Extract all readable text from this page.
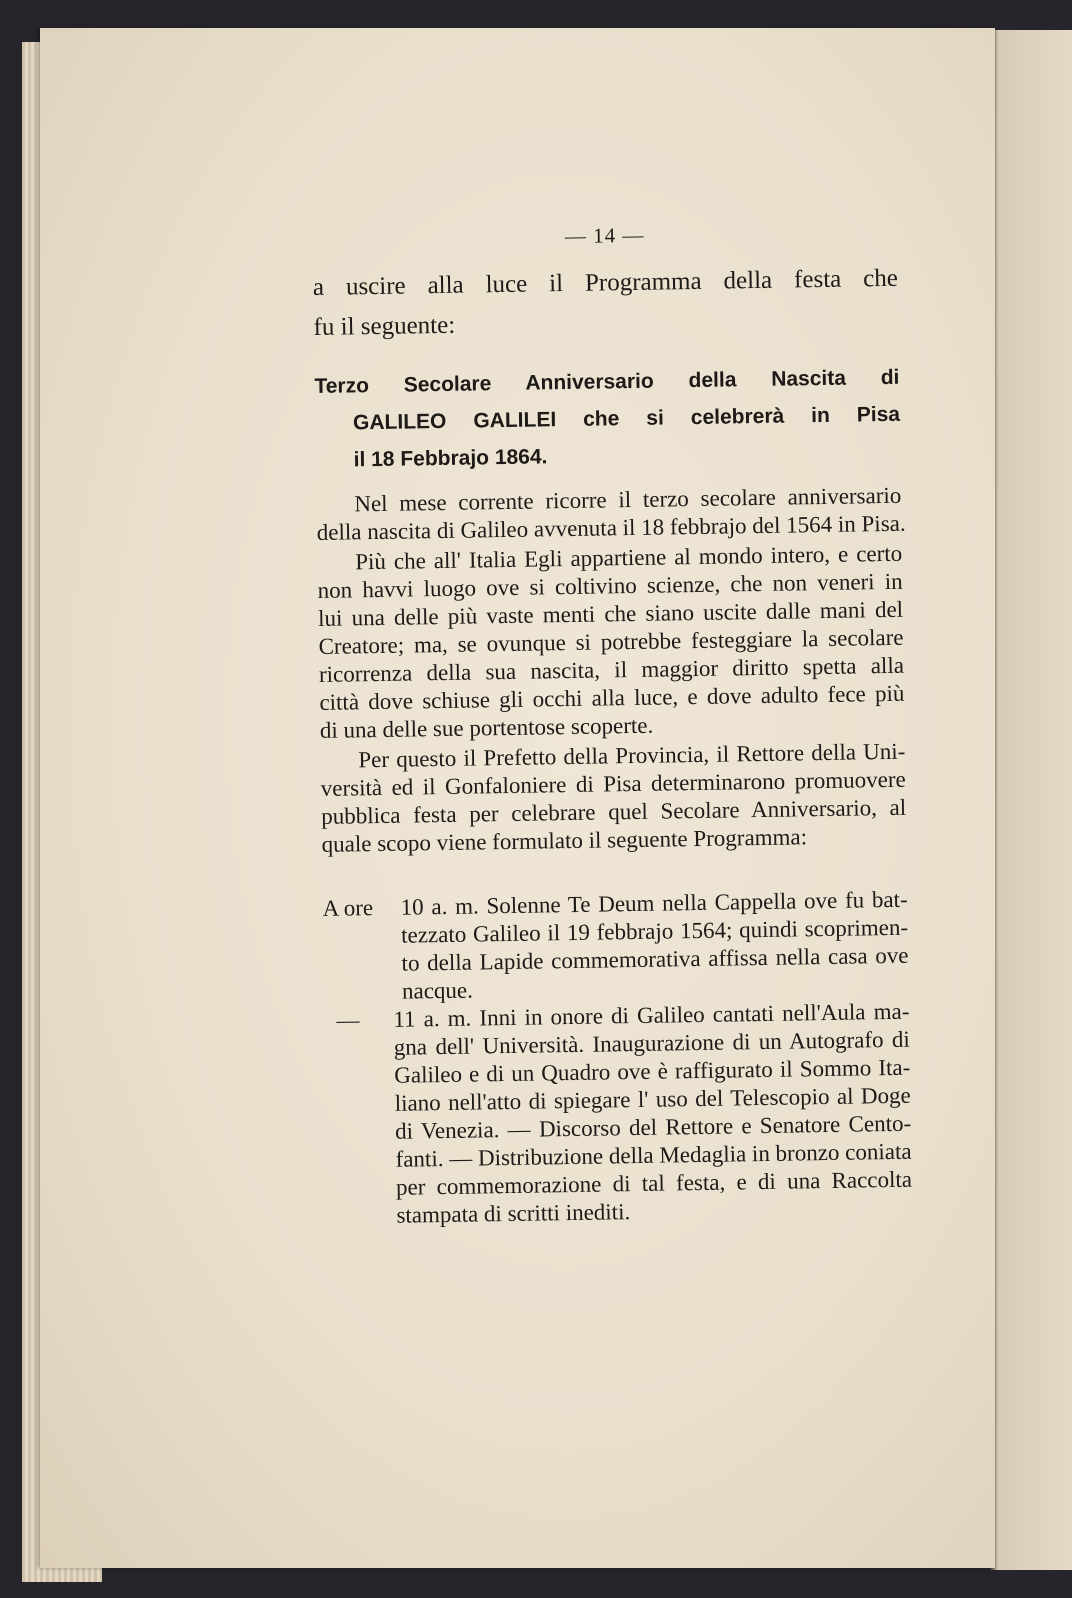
— 14 —
a uscire alla luce il Programma della festa che
fu il seguente:
Terzo Secolare Anniversario della Nascita di
GALILEO GALILEI che si celebrerà in Pisa
il 18 Febbrajo 1864.
Nel mese corrente ricorre il terzo secolare anniversario
della nascita di Galileo avvenuta il 18 febbrajo del 1564 in Pisa.
Più che all' Italia Egli appartiene al mondo intero, e certo
non havvi luogo ove si coltivino scienze, che non veneri in
lui una delle più vaste menti che siano uscite dalle mani del
Creatore; ma, se ovunque si potrebbe festeggiare la secolare
ricorrenza della sua nascita, il maggior diritto spetta alla
città dove schiuse gli occhi alla luce, e dove adulto fece più
di una delle sue portentose scoperte.
Per questo il Prefetto della Provincia, il Rettore della Uni-
versità ed il Gonfaloniere di Pisa determinarono promuovere
pubblica festa per celebrare quel Secolare Anniversario, al
quale scopo viene formulato il seguente Programma:
A ore	10 a. m. Solenne Te Deum nella Cappella ove fu bat-
tezzato Galileo il 19 febbrajo 1564; quindi scoprimen-
to della Lapide commemorativa affissa nella casa ove
nacque.
—	11 a. m. Inni in onore di Galileo cantati nell'Aula ma-
gna dell' Università. Inaugurazione di un Autografo di
Galileo e di un Quadro ove è raffigurato il Sommo Ita-
liano nell'atto di spiegare l' uso del Telescopio al Doge
di Venezia. — Discorso del Rettore e Senatore Cento-
fanti. — Distribuzione della Medaglia in bronzo coniata
per commemorazione di tal festa, e di una Raccolta
stampata di scritti inediti.
